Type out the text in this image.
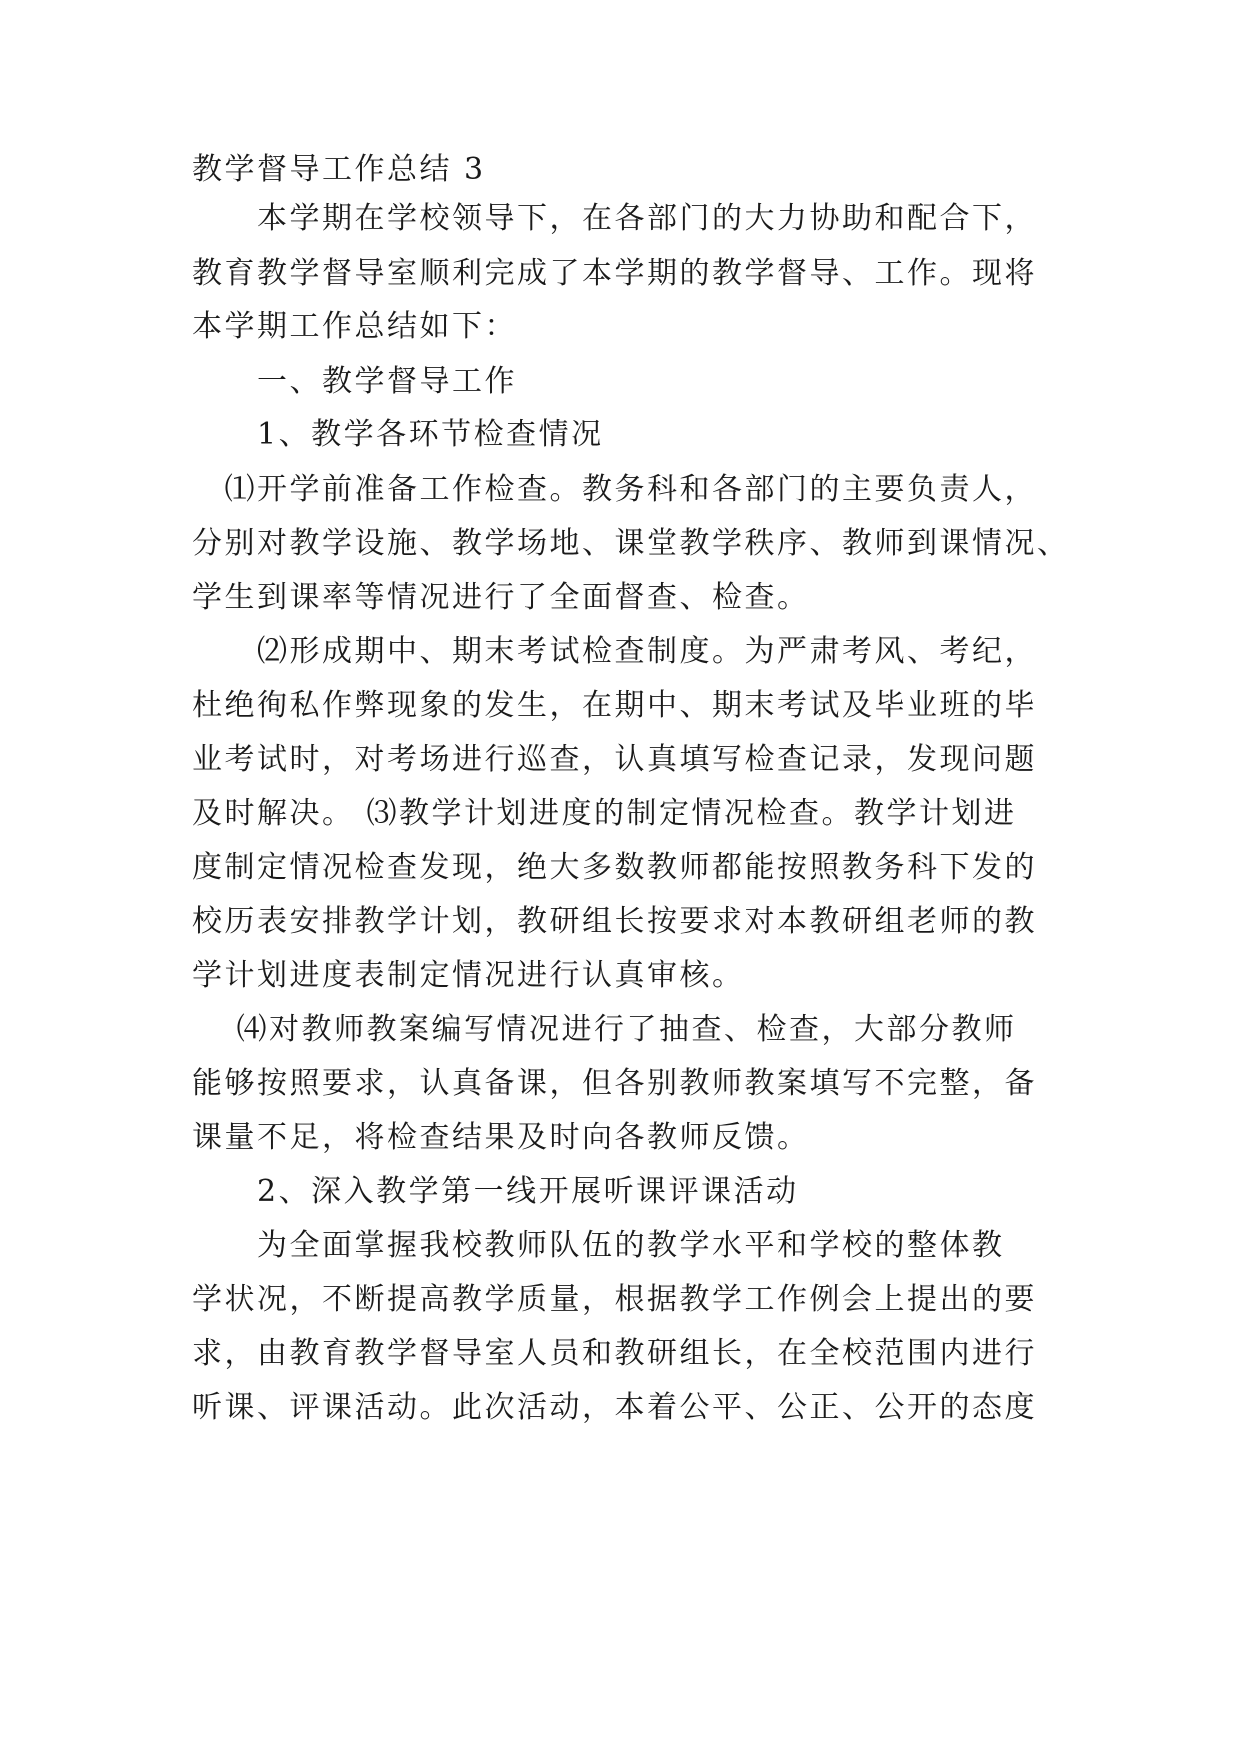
教学督导工作总结 3
　　本学期在学校领导下，在各部门的大力协助和配合下，
教育教学督导室顺利完成了本学期的教学督导、工作。现将
本学期工作总结如下：
　　一、教学督导工作
　　1、教学各环节检查情况
　⑴开学前准备工作检查。教务科和各部门的主要负责人，
分别对教学设施、教学场地、课堂教学秩序、教师到课情况、
学生到课率等情况进行了全面督查、检查。
　　⑵形成期中、期末考试检查制度。为严肃考风、考纪，
杜绝徇私作弊现象的发生，在期中、期末考试及毕业班的毕
业考试时，对考场进行巡查，认真填写检查记录，发现问题
及时解决。 ⑶教学计划进度的制定情况检查。教学计划进
度制定情况检查发现，绝大多数教师都能按照教务科下发的
校历表安排教学计划，教研组长按要求对本教研组老师的教
学计划进度表制定情况进行认真审核。
　 ⑷对教师教案编写情况进行了抽查、检查，大部分教师
能够按照要求，认真备课，但各别教师教案填写不完整，备
课量不足，将检查结果及时向各教师反馈。
　　2、深入教学第一线开展听课评课活动
　　为全面掌握我校教师队伍的教学水平和学校的整体教
学状况，不断提高教学质量，根据教学工作例会上提出的要
求，由教育教学督导室人员和教研组长，在全校范围内进行
听课、评课活动。此次活动，本着公平、公正、公开的态度
